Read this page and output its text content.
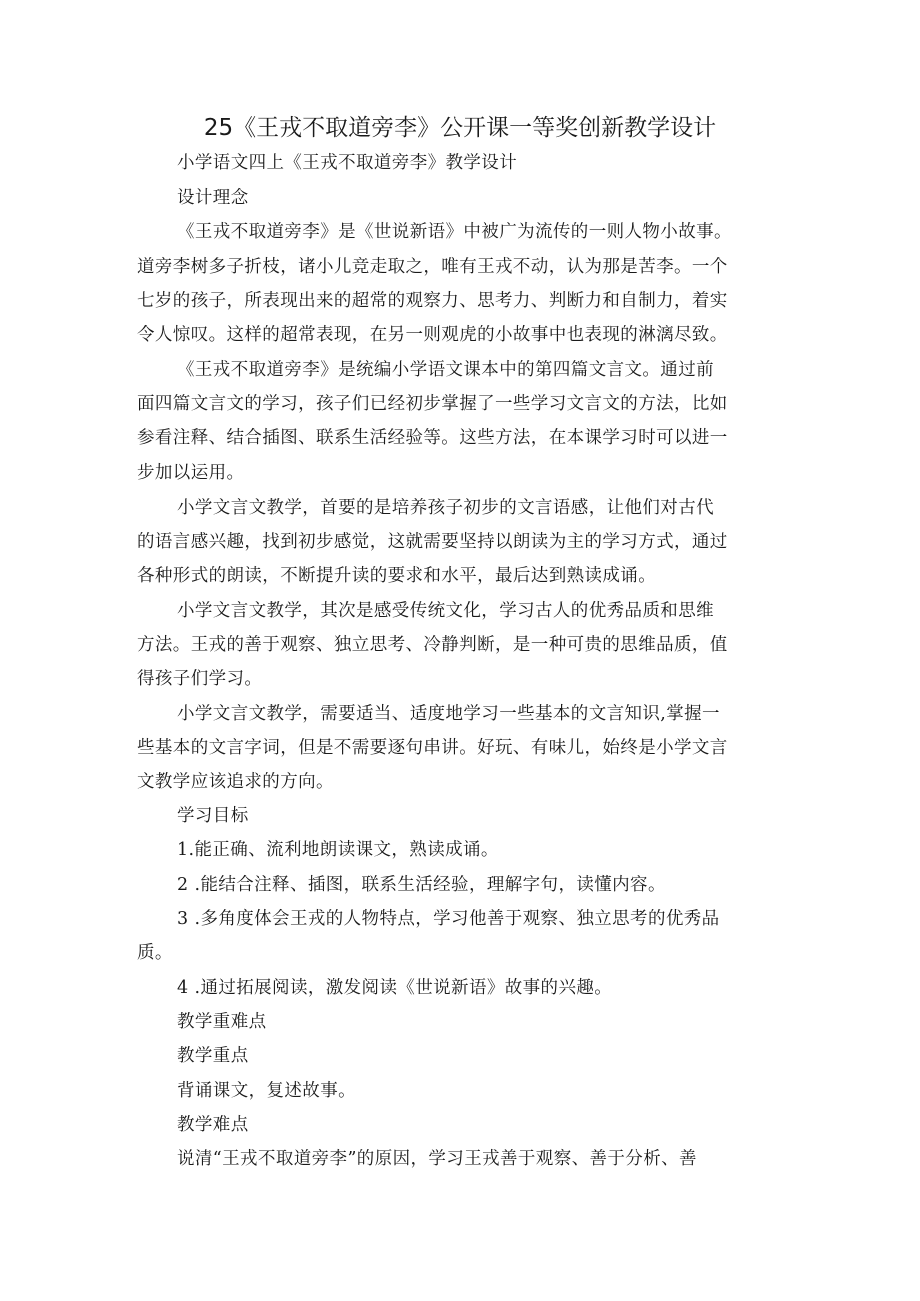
25《王戎不取道旁李》公开课一等奖创新教学设计
小学语文四上《王戎不取道旁李》教学设计
设计理念
《王戎不取道旁李》是《世说新语》中被广为流传的一则人物小故事。
道旁李树多子折枝，诸小儿竞走取之，唯有王戎不动，认为那是苦李。一个
七岁的孩子，所表现出来的超常的观察力、思考力、判断力和自制力，着实
令人惊叹。这样的超常表现，在另一则观虎的小故事中也表现的淋漓尽致。
《王戎不取道旁李》是统编小学语文课本中的第四篇文言文。通过前
面四篇文言文的学习，孩子们已经初步掌握了一些学习文言文的方法，比如
参看注释、结合插图、联系生活经验等。这些方法，在本课学习时可以进一
步加以运用。
小学文言文教学，首要的是培养孩子初步的文言语感，让他们对古代
的语言感兴趣，找到初步感觉，这就需要坚持以朗读为主的学习方式，通过
各种形式的朗读，不断提升读的要求和水平，最后达到熟读成诵。
小学文言文教学，其次是感受传统文化，学习古人的优秀品质和思维
方法。王戎的善于观察、独立思考、冷静判断，是一种可贵的思维品质，值
得孩子们学习。
小学文言文教学，需要适当、适度地学习一些基本的文言知识,掌握一
些基本的文言字词，但是不需要逐句串讲。好玩、有味儿，始终是小学文言
文教学应该追求的方向。
学习目标
1.能正确、流利地朗读课文，熟读成诵。
2 .能结合注释、插图，联系生活经验，理解字句，读懂内容。
3 .多角度体会王戎的人物特点，学习他善于观察、独立思考的优秀品
质。
4 .通过拓展阅读，激发阅读《世说新语》故事的兴趣。
教学重难点
教学重点
背诵课文，复述故事。
教学难点
说清“王戎不取道旁李”的原因，学习王戎善于观察、善于分析、善
